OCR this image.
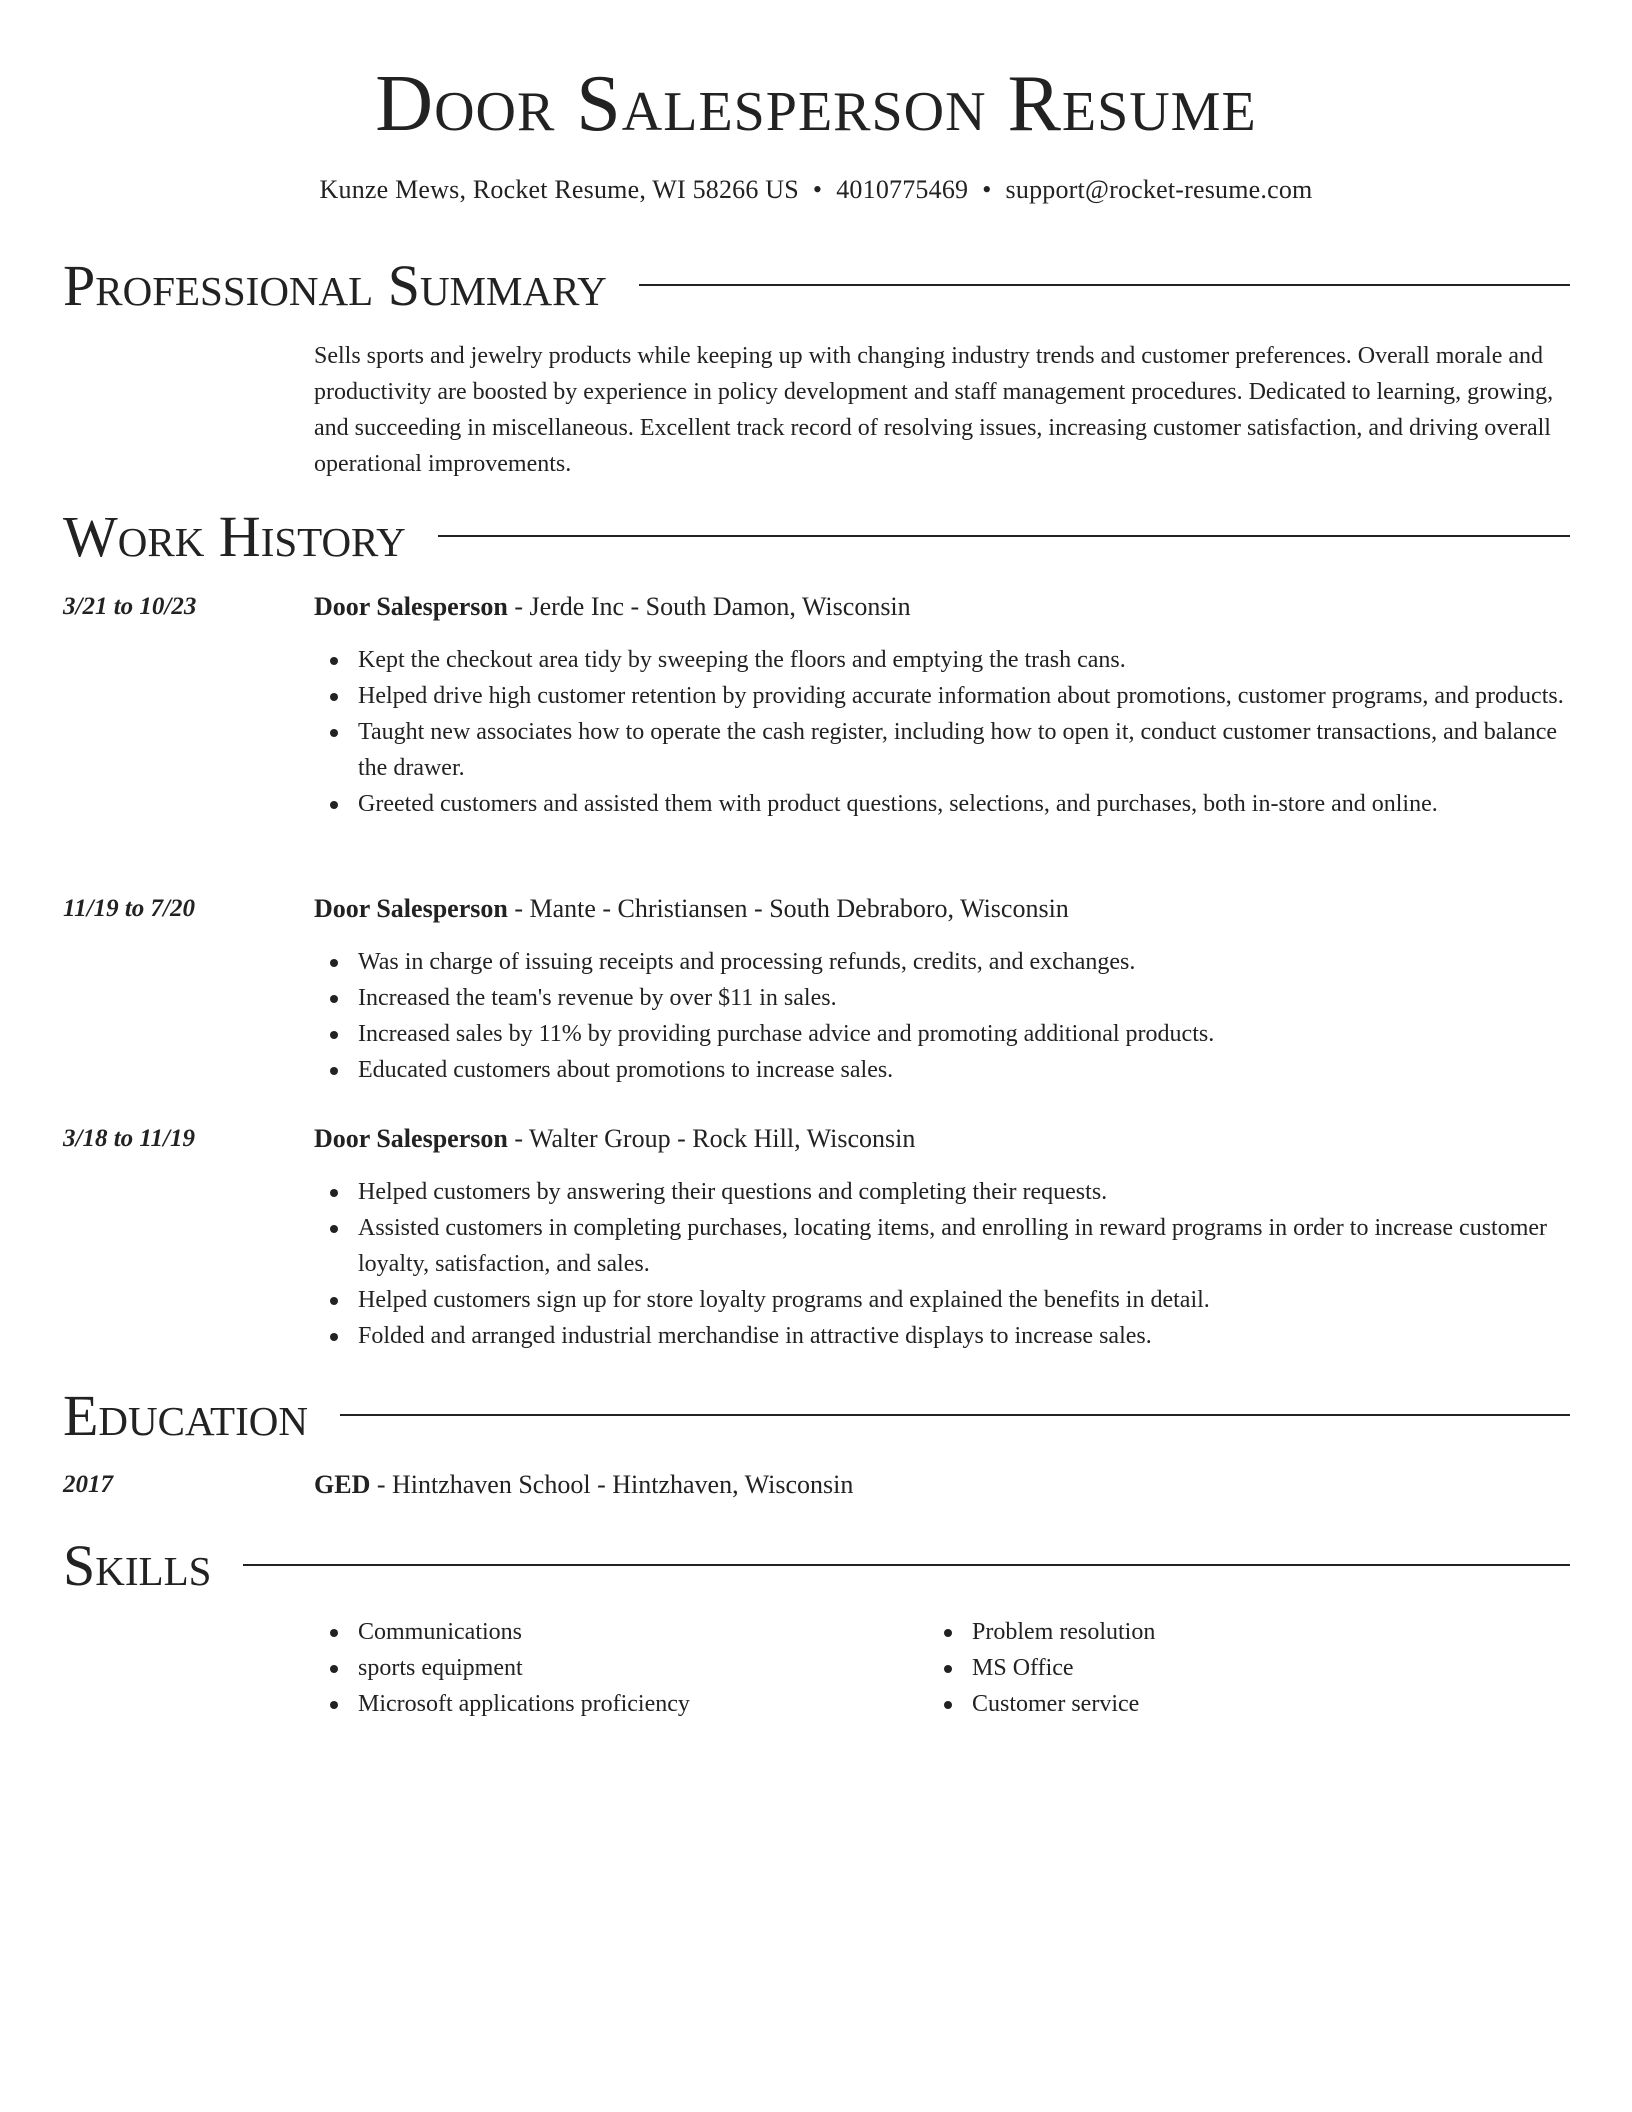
Door Salesperson Resume
Kunze Mews, Rocket Resume, WI 58266 US • 4010775469 • support@rocket-resume.com
Professional Summary

Sells sports and jewelry products while keeping up with changing industry trends and customer preferences. Overall morale and productivity are boosted by experience in policy development and staff management procedures. Dedicated to learning, growing, and succeeding in miscellaneous. Excellent track record of resolving issues, increasing customer satisfaction, and driving overall operational improvements.

Work History
3/21 to 10/23	Door Salesperson - Jerde Inc - South Damon, Wisconsin
Kept the checkout area tidy by sweeping the floors and emptying the trash cans.
Helped drive high customer retention by providing accurate information about promotions, customer programs, and products.
Taught new associates how to operate the cash register, including how to open it, conduct customer transactions, and balance the drawer.
Greeted customers and assisted them with product questions, selections, and purchases, both in-store and online.
11/19 to 7/20	Door Salesperson - Mante - Christiansen - South Debraboro, Wisconsin
Was in charge of issuing receipts and processing refunds, credits, and exchanges.
Increased the team's revenue by over $11 in sales.
Increased sales by 11% by providing purchase advice and promoting additional products.
Educated customers about promotions to increase sales.
3/18 to 11/19	Door Salesperson - Walter Group - Rock Hill, Wisconsin
Helped customers by answering their questions and completing their requests.
Assisted customers in completing purchases, locating items, and enrolling in reward programs in order to increase customer loyalty, satisfaction, and sales.
Helped customers sign up for store loyalty programs and explained the benefits in detail.
Folded and arranged industrial merchandise in attractive displays to increase sales.
Education
2017	GED - Hintzhaven School - Hintzhaven, Wisconsin
Skills
Communications
sports equipment
Microsoft applications proficiency
Problem resolution
MS Office
Customer service
